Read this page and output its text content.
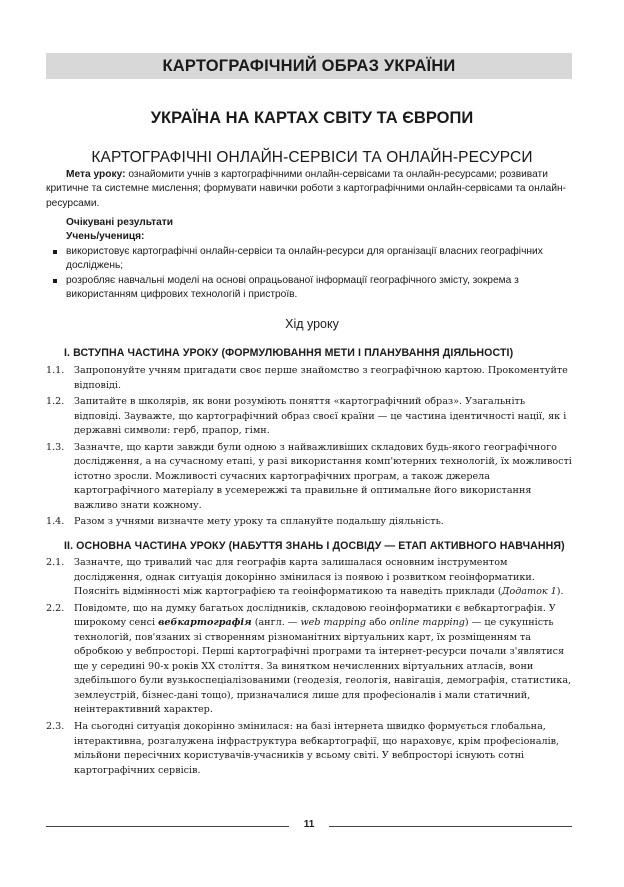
КАРТОГРАФІЧНИЙ ОБРАЗ УКРАЇНИ
УКРАЇНА НА КАРТАХ СВІТУ ТА ЄВРОПИ
КАРТОГРАФІЧНІ ОНЛАЙН-СЕРВІСИ ТА ОНЛАЙН-РЕСУРСИ
Мета уроку: ознайомити учнів з картографічними онлайн-сервісами та онлайн-ресурсами; розвивати критичне та системне мислення; формувати навички роботи з картографічними онлайн-сервісами та онлайн-ресурсами.
Очікувані результати
Учень/учениця:
використовує картографічні онлайн-сервіси та онлайн-ресурси для організації власних географічних досліджень;
розробляє навчальні моделі на основі опрацьованої інформації географічного змісту, зокрема з використанням цифрових технологій і пристроїв.
Хід уроку
I. ВСТУПНА ЧАСТИНА УРОКУ (ФОРМУЛЮВАННЯ МЕТИ І ПЛАНУВАННЯ ДІЯЛЬНОСТІ)
1.1. Запропонуйте учням пригадати своє перше знайомство з географічною картою. Прокоментуйте відповіді.
1.2. Запитайте в школярів, як вони розуміють поняття «картографічний образ». Узагальніть відповіді. Зауважте, що картографічний образ своєї країни — це частина ідентичності нації, як і державні символи: герб, прапор, гімн.
1.3. Зазначте, що карти завжди були одною з найважливіших складових будь-якого географічного дослідження, а на сучасному етапі, у разі використання комп'ютерних технологій, їх можливості істотно зросли. Можливості сучасних картографічних програм, а також джерела картографічного матеріалу в усемережжі та правильне й оптимальне його використання важливо знати кожному.
1.4. Разом з учнями визначте мету уроку та сплануйте подальшу діяльність.
II. ОСНОВНА ЧАСТИНА УРОКУ (НАБУТТЯ ЗНАНЬ І ДОСВІДУ — ЕТАП АКТИВНОГО НАВЧАННЯ)
2.1. Зазначте, що тривалий час для географів карта залишалася основним інструментом дослідження, однак ситуація докорінно змінилася із появою і розвитком геоінформатики. Поясніть відмінності між картографією та геоінформатикою та наведіть приклади (Додаток 1).
2.2. Повідомте, що на думку багатьох дослідників, складовою геоінформатики є вебкартографія. У широкому сенсі вебкартографія (англ. — web mapping або online mapping) — це сукупність технологій, пов'язаних зі створенням різноманітних віртуальних карт, їх розміщенням та обробкою у вебпросторі. Перші картографічні програми та інтернет-ресурси почали з'являтися ще у середині 90-х років XX століття. За винятком нечисленних віртуальних атласів, вони здебільшого були вузькоспеціалізованими (геодезія, геологія, навігація, демографія, статистика, землеустрій, бізнес-дані тощо), призначалися лише для професіоналів і мали статичний, неінтерактивний характер.
2.3. На сьогодні ситуація докорінно змінилася: на базі інтернета швидко формується глобальна, інтерактивна, розгалужена інфраструктура вебкартографії, що нараховує, крім професіоналів, мільйони пересічних користувачів-учасників у всьому світі. У вебпросторі існують сотні картографічних сервісів.
11
